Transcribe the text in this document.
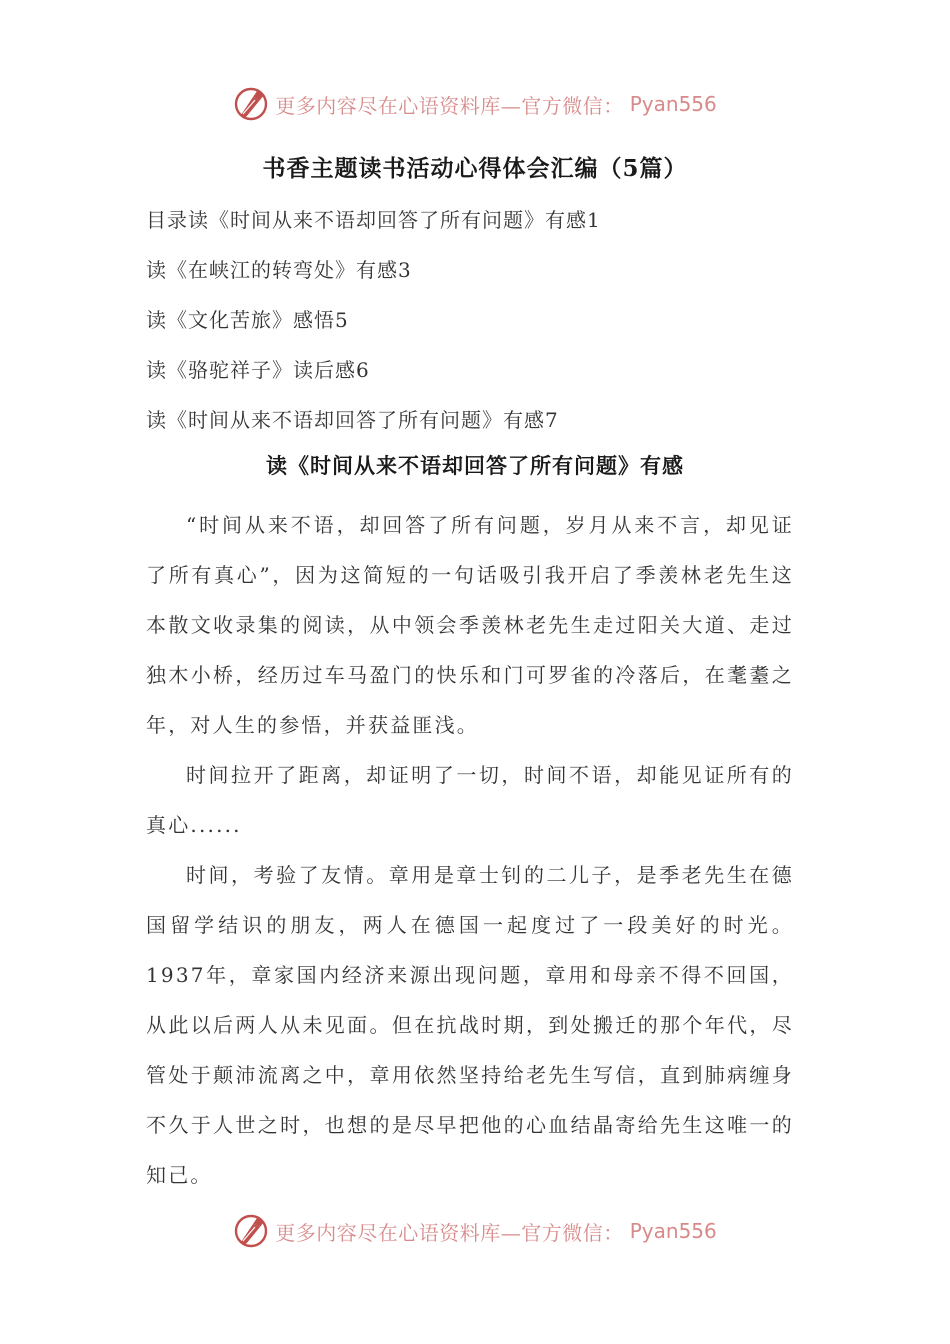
更多内容尽在心语资料库—官方微信： Pyan556
书香主题读书活动心得体会汇编（5篇）
目录读《时间从来不语却回答了所有问题》有感1
读《在峡江的转弯处》有感3
读《文化苦旅》感悟5
读《骆驼祥子》读后感6
读《时间从来不语却回答了所有问题》有感7
读《时间从来不语却回答了所有问题》有感

“时间从来不语，却回答了所有问题，岁月从来不言，却见证了所有真心”，因为这简短的一句话吸引我开启了季羡林老先生这本散文收录集的阅读，从中领会季羡林老先生走过阳关大道、走过独木小桥，经历过车马盈门的快乐和门可罗雀的冷落后，在耄耋之年，对人生的参悟，并获益匪浅。

时间拉开了距离，却证明了一切，时间不语，却能见证所有的真心......

时间，考验了友情。章用是章士钊的二儿子，是季老先生在德国留学结识的朋友，两人在德国一起度过了一段美好的时光。1937年，章家国内经济来源出现问题，章用和母亲不得不回国，从此以后两人从未见面。但在抗战时期，到处搬迁的那个年代，尽管处于颠沛流离之中，章用依然坚持给老先生写信，直到肺病缠身不久于人世之时，也想的是尽早把他的心血结晶寄给先生这唯一的知己。

更多内容尽在心语资料库—官方微信： Pyan556
